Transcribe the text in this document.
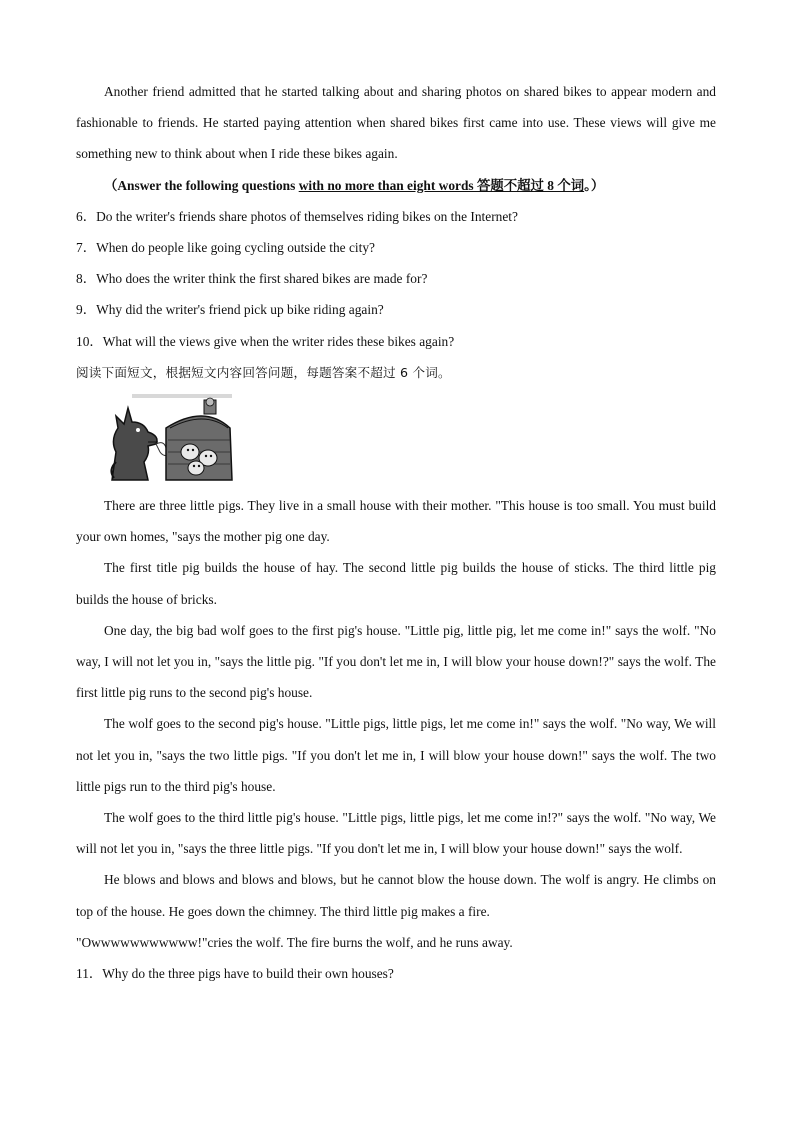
Another friend admitted that he started talking about and sharing photos on shared bikes to appear modern and fashionable to friends. He started paying attention when shared bikes first came into use. These views will give me something new to think about when I ride these bikes again.

（Answer the following questions with no more than eight words 答题不超过 8 个词。）

6．Do the writer's friends share photos of themselves riding bikes on the Internet?

7．When do people like going cycling outside the city?

8．Who does the writer think the first shared bikes are made for?

9．Why did the writer's friend pick up bike riding again?

10．What will the views give when the writer rides these bikes again?

阅读下面短文，根据短文内容回答问题，每题答案不超过 6 个词。

There are three little pigs. They live in a small house with their mother. "This house is too small. You must build your own homes, "says the mother pig one day.

The first title pig builds the house of hay. The second little pig builds the house of sticks. The third little pig builds the house of bricks.

One day, the big bad wolf goes to the first pig's house. "Little pig, little pig, let me come in!" says the wolf. "No way, I will not let you in, "says the little pig. "If you don't let me in, I will blow your house down!?" says the wolf. The first little pig runs to the second pig's house.

The wolf goes to the second pig's house. "Little pigs, little pigs, let me come in!" says the wolf. "No way, We will not let you in, "says the two little pigs. "If you don't let me in, I will blow your house down!" says the wolf. The two little pigs run to the third pig's house.

The wolf goes to the third little pig's house. "Little pigs, little pigs, let me come in!?" says the wolf. "No way, We will not let you in, "says the three little pigs. "If you don't let me in, I will blow your house down!" says the wolf.

He blows and blows and blows and blows, but he cannot blow the house down. The wolf is angry. He climbs on top of the house. He goes down the chimney. The third little pig makes a fire.

"Owwwwwwwwwww!"cries the wolf. The fire burns the wolf, and he runs away.

11．Why do the three pigs have to build their own houses?
